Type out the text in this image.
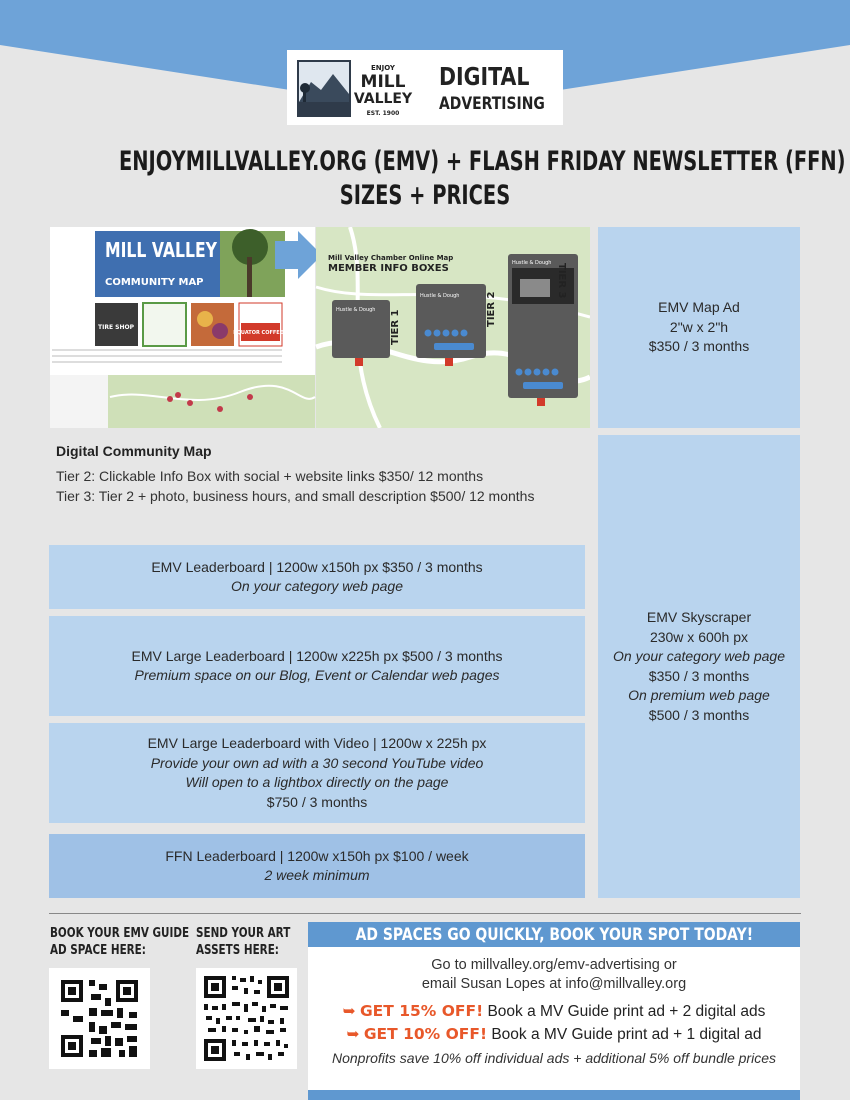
ENJOY
MILL
VALLEY
EST. 1900
DIGITAL
ADVERTISING
ENJOYMILLVALLEY.ORG (EMV) + FLASH FRIDAY NEWSLETTER (FFN)
SIZES + PRICES
MILL VALLEY
COMMUNITY MAP
TIRE SHOP
EQUATOR COFFEES
Mill Valley Chamber Online Map
MEMBER INFO BOXES
Hustle & Dough TIER 1
Hustle & Dough	TIER 2
Hustle & Dough TIER 3
EMV Map Ad
2"w x 2"h
$350 / 3 months
Digital Community Map
Tier 2: Clickable Info Box with social + website links $350/ 12 months
Tier 3: Tier 2 + photo, business hours, and small description $500/ 12 months
EMV Leaderboard | 1200w x150h px $350 / 3 months
On your category web page
EMV Large Leaderboard | 1200w x225h px $500 / 3 months
Premium space on our Blog, Event or Calendar web pages
EMV Large Leaderboard with Video | 1200w x 225h px
Provide your own ad with a 30 second YouTube video
Will open to a lightbox directly on the page
$750 / 3 months
FFN Leaderboard | 1200w x150h px $100 / week
2 week minimum
EMV Skyscraper
230w x 600h px
On your category web page
$350 / 3 months
On premium web page
$500 / 3 months
BOOK YOUR EMV GUIDE
AD SPACE HERE:
SEND YOUR ART
ASSETS HERE:
AD SPACES GO QUICKLY, BOOK YOUR SPOT TODAY!
Go to millvalley.org/emv-advertising or
email Susan Lopes at info@millvalley.org
➥ GET 15% OFF! Book a MV Guide print ad + 2 digital ads
➥ GET 10% OFF! Book a MV Guide print ad + 1 digital ad
Nonprofits save 10% off individual ads + additional 5% off bundle prices
